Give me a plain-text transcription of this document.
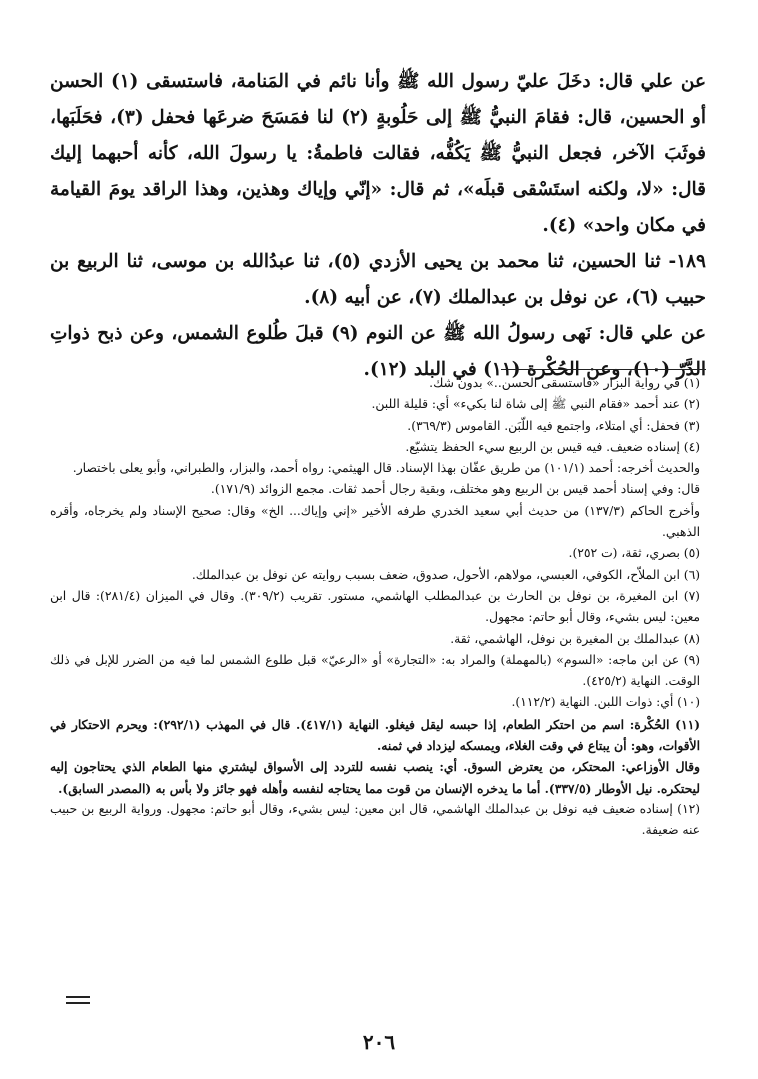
عن علي قال: دخَلَ عليّ رسول الله ﷺ وأنا نائم في المَنامة، فاستسقى (١) الحسن أو الحسين، قال: فقامَ النبيُّ ﷺ إلى حَلُوبةٍ (٢) لنا فمَسَحَ ضرعَها فحفل (٣)، فحَلَبَها، فوثَبَ الآخر، فجعل النبيُّ ﷺ يَكُفُّه، فقالت فاطمةُ: يا رسولَ الله، كأنه أحبهما إليك قال: «لا، ولكنه استَسْقى قبلَه»، ثم قال: «إنّي وإياك وهذين، وهذا الراقد يومَ القيامة في مكان واحد» (٤).

١٨٩- ثنا الحسين، ثنا محمد بن يحيى الأزدي (٥)، ثنا عبدُالله بن موسى، ثنا الربيع بن حبيب (٦)، عن نوفل بن عبدالملك (٧)، عن أبيه (٨).

عن علي قال: نَهى رسولُ الله ﷺ عن النوم (٩) قبلَ طُلوع الشمس، وعن ذبح ذواتِ الدَّرّ (١٠)، وعن الحُكْرة (١١) في البلد (١٢).

(١) في رواية البزار «فاستسقى الحسن..» بدون شك.

(٢) عند أحمد «فقام النبي ﷺ إلى شاة لنا بكيء» أي: قليلة اللبن.

(٣) فحفل: أي امتلاء، واجتمع فيه اللّبَن. القاموس (٣٦٩/٣).

(٤) إسناده ضعيف. فيه قيس بن الربيع سيء الحفظ يتشيّع.

والحديث أخرجه: أحمد (١٠١/١) من طريق عفّان بهذا الإسناد. قال الهيثمي: رواه أحمد، والبزار، والطبراني، وأبو يعلى باختصار.

قال: وفي إسناد أحمد قيس بن الربيع وهو مختلف، وبقية رجال أحمد ثقات. مجمع الزوائد (١٧١/٩).

وأخرج الحاكم (١٣٧/٣) من حديث أبي سعيد الخدري طرفه الأخير «إني وإياك... الخ» وقال: صحيح الإسناد ولم يخرجاه، وأقره الذهبي.

(٥) بصري، ثقة، (ت ٢٥٢).

(٦) ابن الملاّح، الكوفي، العبسي، مولاهم، الأحول، صدوق، ضعف بسبب روايته عن نوفل بن عبدالملك.

(٧) ابن المغيرة، بن نوفل بن الحارث بن عبدالمطلب الهاشمي، مستور. تقريب (٣٠٩/٢). وقال في الميزان (٢٨١/٤): قال ابن معين: ليس بشيء، وقال أبو حاتم: مجهول.

(٨) عبدالملك بن المغيرة بن نوفل، الهاشمي، ثقة.

(٩) عن ابن ماجه: «السوم» (بالمهملة) والمراد به: «التجارة» أو «الرعيّ» قبل طلوع الشمس لما فيه من الضرر للإبل في ذلك الوقت. النهاية (٤٢٥/٢).

(١٠) أي: ذوات اللبن. النهاية (١١٢/٢).

(١١) الحُكْرة: اسم من احتكر الطعام، إذا حبسه ليقل فيغلو. النهاية (٤١٧/١). قال في المهذب (٢٩٢/١): ويحرم الاحتكار في الأقوات، وهو: أن يبتاع في وقت الغلاء، ويمسكه ليزداد في ثمنه.

وقال الأوزاعي: المحتكر، من يعترض السوق. أي: ينصب نفسه للتردد إلى الأسواق ليشتري منها الطعام الذي يحتاجون إليه ليحتكره. نيل الأوطار (٣٣٧/٥). أما ما يدخره الإنسان من قوت مما يحتاجه لنفسه وأهله فهو جائز ولا بأس به (المصدر السابق).

(١٢) إسناده ضعيف فيه نوفل بن عبدالملك الهاشمي، قال ابن معين: ليس بشيء، وقال أبو حاتم: مجهول. ورواية الربيع بن حبيب عنه ضعيفة.

٢٠٦
